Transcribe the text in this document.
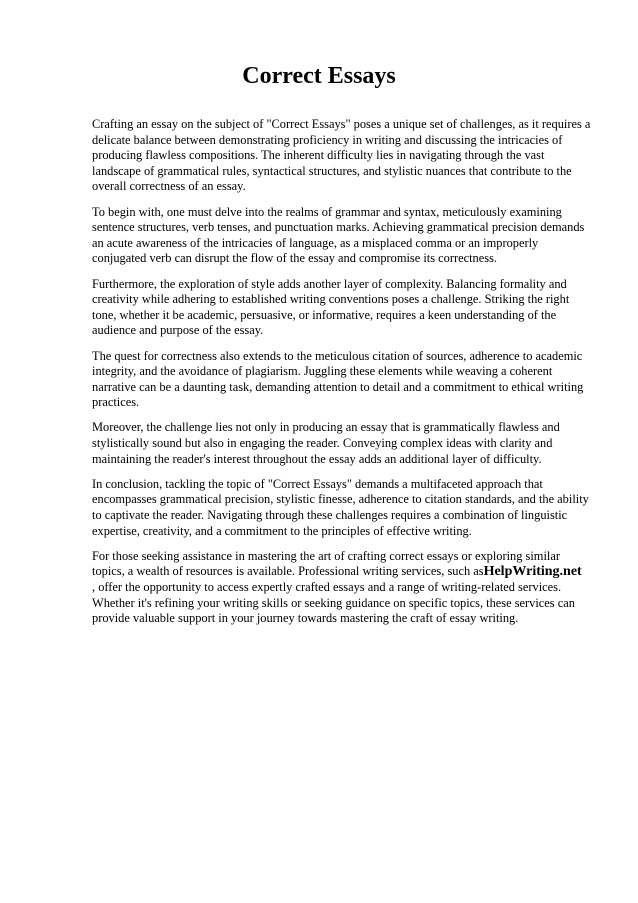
Correct Essays

Crafting an essay on the subject of "Correct Essays" poses a unique set of challenges, as it requires a delicate balance between demonstrating proficiency in writing and discussing the intricacies of producing flawless compositions. The inherent difficulty lies in navigating through the vast landscape of grammatical rules, syntactical structures, and stylistic nuances that contribute to the overall correctness of an essay.

To begin with, one must delve into the realms of grammar and syntax, meticulously examining sentence structures, verb tenses, and punctuation marks. Achieving grammatical precision demands an acute awareness of the intricacies of language, as a misplaced comma or an improperly conjugated verb can disrupt the flow of the essay and compromise its correctness.

Furthermore, the exploration of style adds another layer of complexity. Balancing formality and creativity while adhering to established writing conventions poses a challenge. Striking the right tone, whether it be academic, persuasive, or informative, requires a keen understanding of the audience and purpose of the essay.

The quest for correctness also extends to the meticulous citation of sources, adherence to academic integrity, and the avoidance of plagiarism. Juggling these elements while weaving a coherent narrative can be a daunting task, demanding attention to detail and a commitment to ethical writing practices.

Moreover, the challenge lies not only in producing an essay that is grammatically flawless and stylistically sound but also in engaging the reader. Conveying complex ideas with clarity and maintaining the reader's interest throughout the essay adds an additional layer of difficulty.

In conclusion, tackling the topic of "Correct Essays" demands a multifaceted approach that encompasses grammatical precision, stylistic finesse, adherence to citation standards, and the ability to captivate the reader. Navigating through these challenges requires a combination of linguistic expertise, creativity, and a commitment to the principles of effective writing.

For those seeking assistance in mastering the art of crafting correct essays or exploring similar topics, a wealth of resources is available. Professional writing services, such asHelpWriting.net
, offer the opportunity to access expertly crafted essays and a range of writing-related services. Whether it's refining your writing skills or seeking guidance on specific topics, these services can provide valuable support in your journey towards mastering the craft of essay writing.
